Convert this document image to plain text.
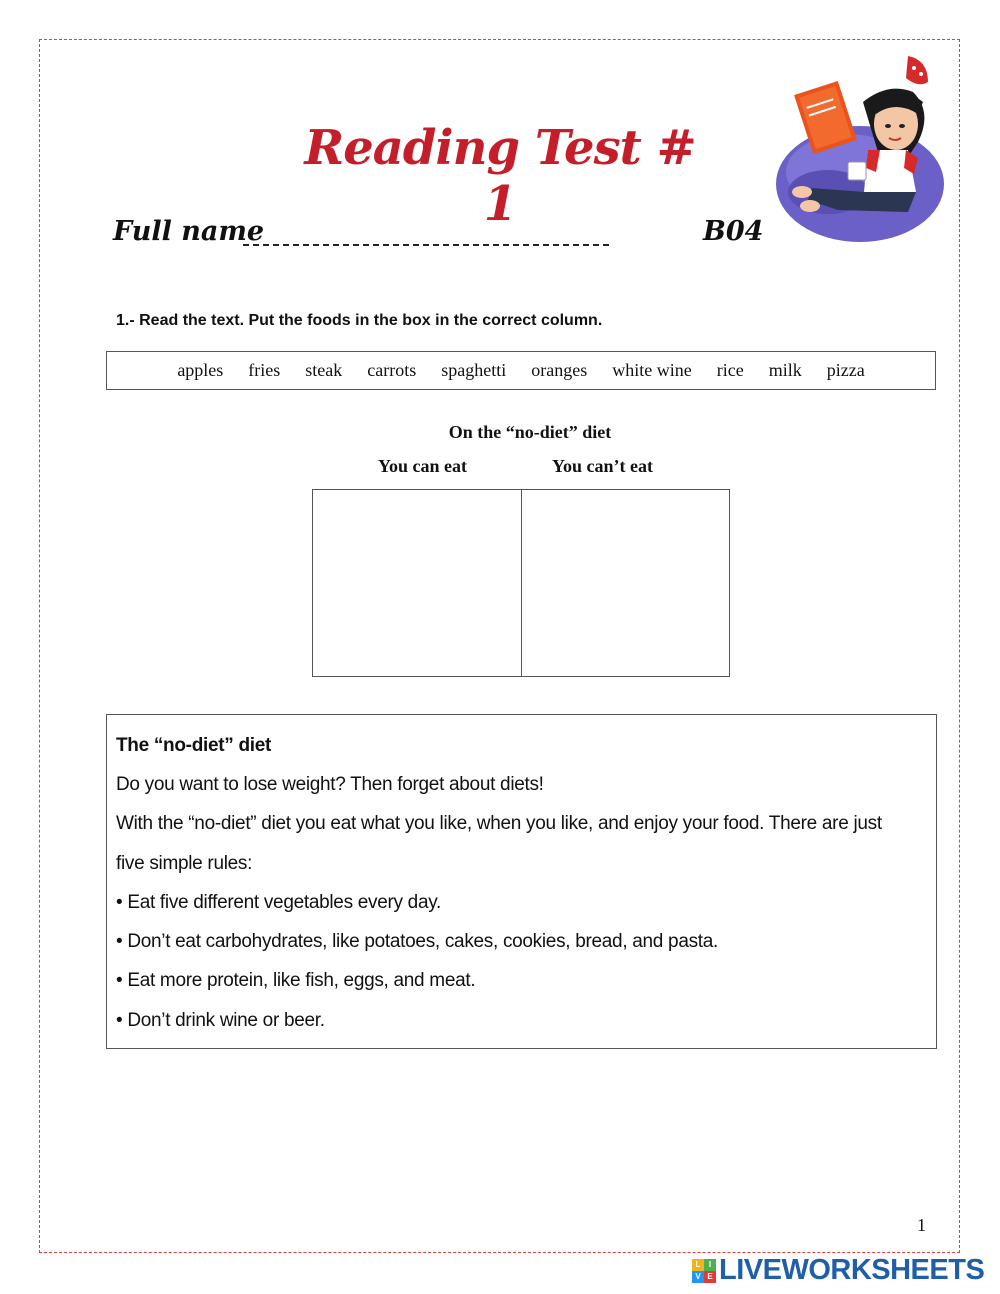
Reading Test # 1
Full name	B04
1.- Read the text. Put the foods in the box in the correct column.
apples fries steak carrots spaghetti oranges white wine rice milk pizza
On the “no-diet” diet
You can eat	You can’t eat

The “no-diet” diet

Do you want to lose weight? Then forget about diets!

With the “no-diet” diet you eat what you like, when you like, and enjoy your food. There are just

five simple rules:

• Eat five different vegetables every day.

• Don’t eat carbohydrates, like potatoes, cakes, cookies, bread, and pasta.

• Eat more protein, like fish, eggs, and meat.

• Don’t drink wine or beer.

1
L	I
V E LIVEWORKSHEETS
